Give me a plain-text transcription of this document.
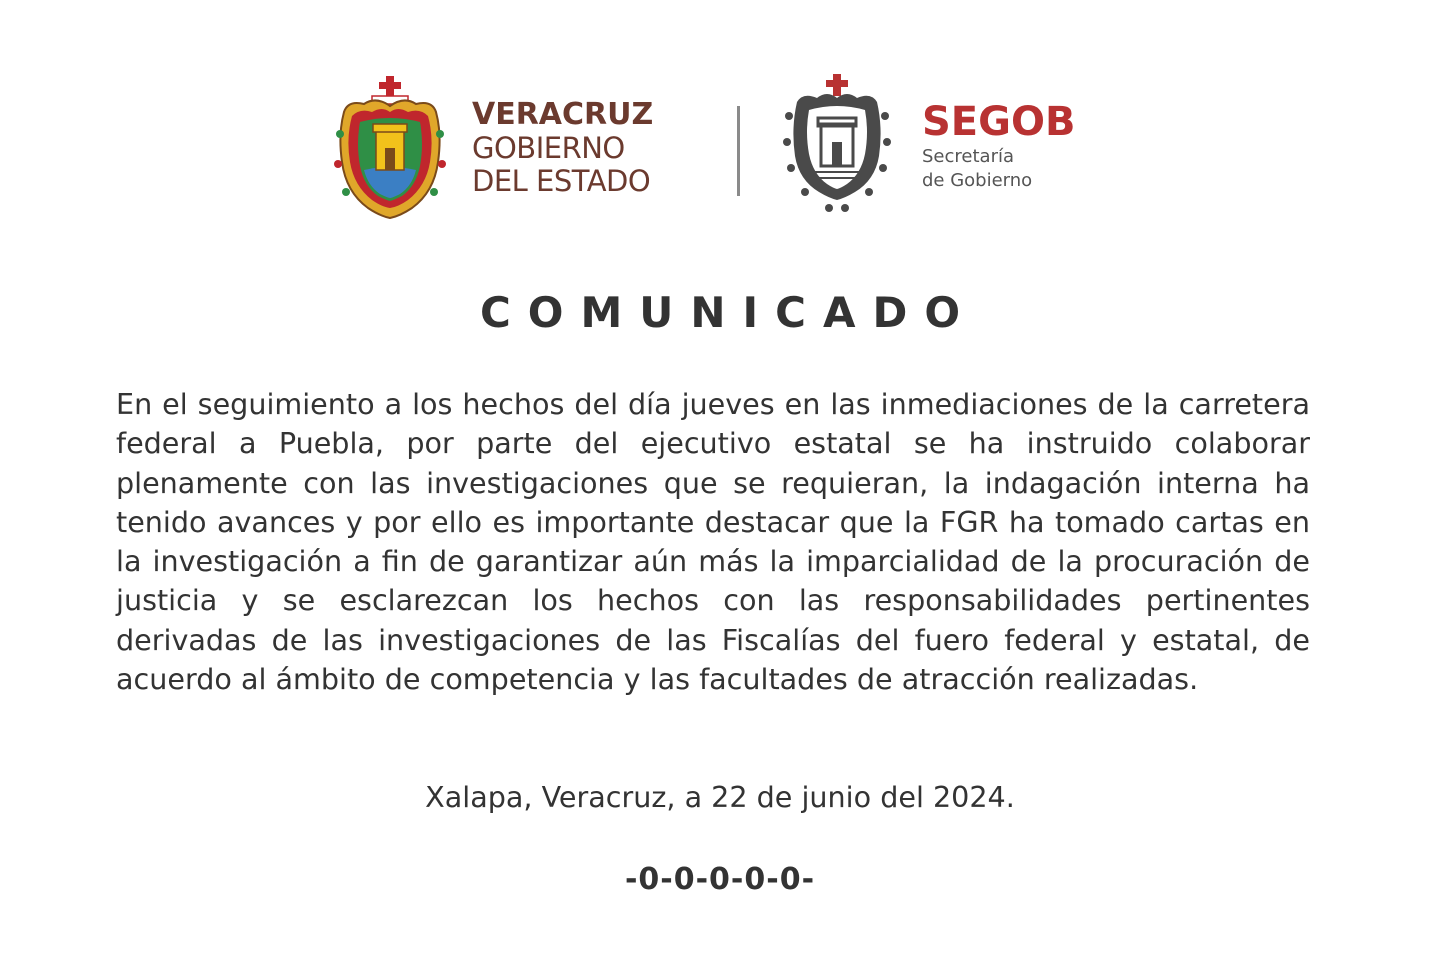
VERACRUZ
GOBIERNO
DEL ESTADO
SEGOB
Secretaría
de Gobierno
COMUNICADO

En el seguimiento a los hechos del día jueves en las inmediaciones de la carretera federal a Puebla, por parte del ejecutivo estatal se ha instruido colaborar plenamente con las investigaciones que se requieran, la indagación interna ha tenido avances y por ello es importante destacar que la FGR ha tomado cartas en la investigación a fin de garantizar aún más la imparcialidad de la procuración de justicia y se esclarezcan los hechos con las responsabilidades pertinentes derivadas de las investigaciones de las Fiscalías del fuero federal y estatal, de acuerdo al ámbito de competencia y las facultades de atracción realizadas.

Xalapa, Veracruz, a 22 de junio del 2024.
-0-0-0-0-0-
